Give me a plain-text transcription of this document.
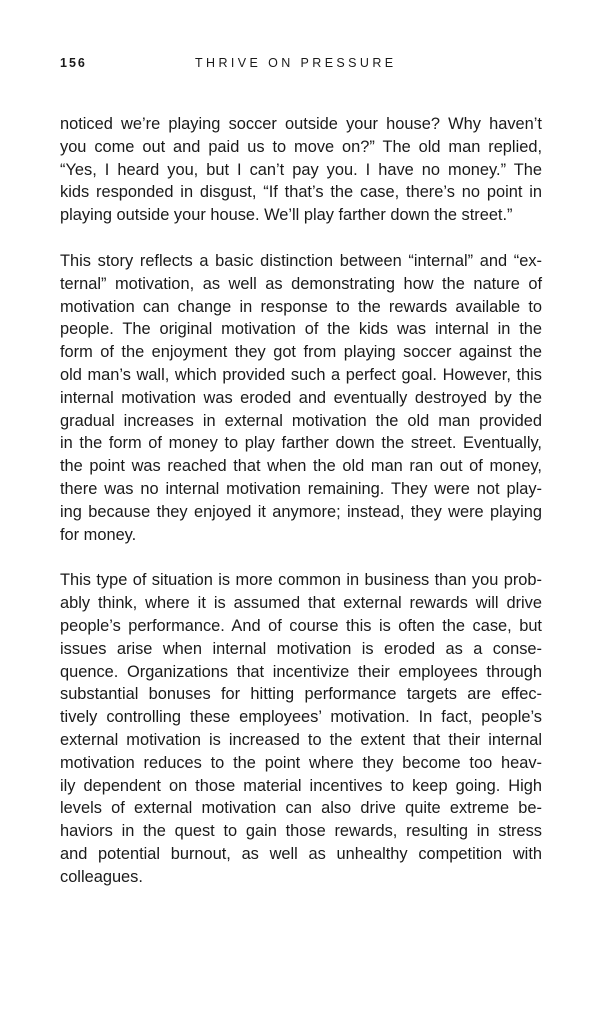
156	THRIVE ON PRESSURE

noticed we’re playing soccer outside your house? Why haven’t
you come out and paid us to move on?” The old man replied,
“Yes, I heard you, but I can’t pay you. I have no money.” The
kids responded in disgust, “If that’s the case, there’s no point in
playing outside your house. We’ll play farther down the street.”

This story reflects a basic distinction between “internal” and “ex-
ternal” motivation, as well as demonstrating how the nature of
motivation can change in response to the rewards available to
people. The original motivation of the kids was internal in the
form of the enjoyment they got from playing soccer against the
old man’s wall, which provided such a perfect goal. However, this
internal motivation was eroded and eventually destroyed by the
gradual increases in external motivation the old man provided
in the form of money to play farther down the street. Eventually,
the point was reached that when the old man ran out of money,
there was no internal motivation remaining. They were not play-
ing because they enjoyed it anymore; instead, they were playing
for money.

This type of situation is more common in business than you prob-
ably think, where it is assumed that external rewards will drive
people’s performance. And of course this is often the case, but
issues arise when internal motivation is eroded as a conse-
quence. Organizations that incentivize their employees through
substantial bonuses for hitting performance targets are effec-
tively controlling these employees’ motivation. In fact, people’s
external motivation is increased to the extent that their internal
motivation reduces to the point where they become too heav-
ily dependent on those material incentives to keep going. High
levels of external motivation can also drive quite extreme be-
haviors in the quest to gain those rewards, resulting in stress
and potential burnout, as well as unhealthy competition with
colleagues.
